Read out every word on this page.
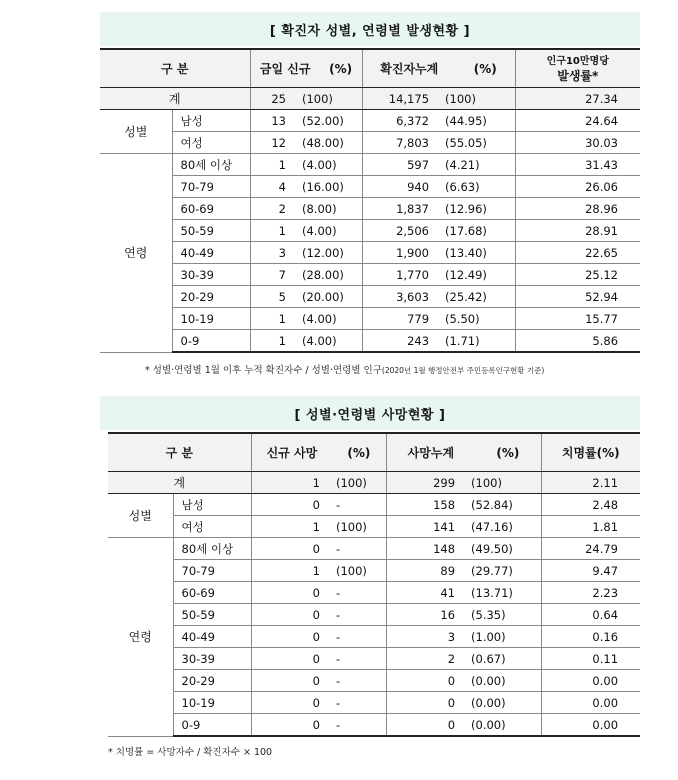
[ 확진자 성별, 연령별 발생현황 ]
구 분		금일 신규 (%)		확진자누계 (%)		인구10만명당
발생률*

계		25	(100)	14,175	(100)	27.34
성별	남성	13	(52.00)	6,372	(44.95)	24.64
	여성	12	(48.00)	7,803	(55.05)	30.03
연령	80세 이상	1	(4.00)	597	(4.21)	31.43
	70-79	4	(16.00)	940	(6.63)	26.06
	60-69	2	(8.00)	1,837	(12.96)	28.96
	50-59	1	(4.00)	2,506	(17.68)	28.91
	40-49	3	(12.00)	1,900	(13.40)	22.65
	30-39	7	(28.00)	1,770	(12.49)	25.12
	20-29	5	(20.00)	3,603	(25.42)	52.94
	10-19	1	(4.00)	779	(5.50)	15.77
	0-9	1	(4.00)	243	(1.71)	5.86
* 성별·연령별 1월 이후 누적 확진자수 / 성별·연령별 인구(2020년 1월 행정안전부 주민등록인구현황 기준)
[ 성별·연령별 사망현황 ]
구 분		신규 사망 (%)		사망누계 (%)		치명률(%)
계		1	(100)	299	(100)	2.11
성별	남성	0	-	158	(52.84)	2.48
	여성	1	(100)	141	(47.16)	1.81
연령	80세 이상	0	-	148	(49.50)	24.79
	70-79	1	(100)	89	(29.77)	9.47
	60-69	0	-	41	(13.71)	2.23
	50-59	0	-	16	(5.35)	0.64
	40-49	0	-	3	(1.00)	0.16
	30-39	0	-	2	(0.67)	0.11
	20-29	0	-	0	(0.00)	0.00
	10-19	0	-	0	(0.00)	0.00
	0-9	0	-	0	(0.00)	0.00
* 치명률 = 사망자수 / 확진자수 × 100
